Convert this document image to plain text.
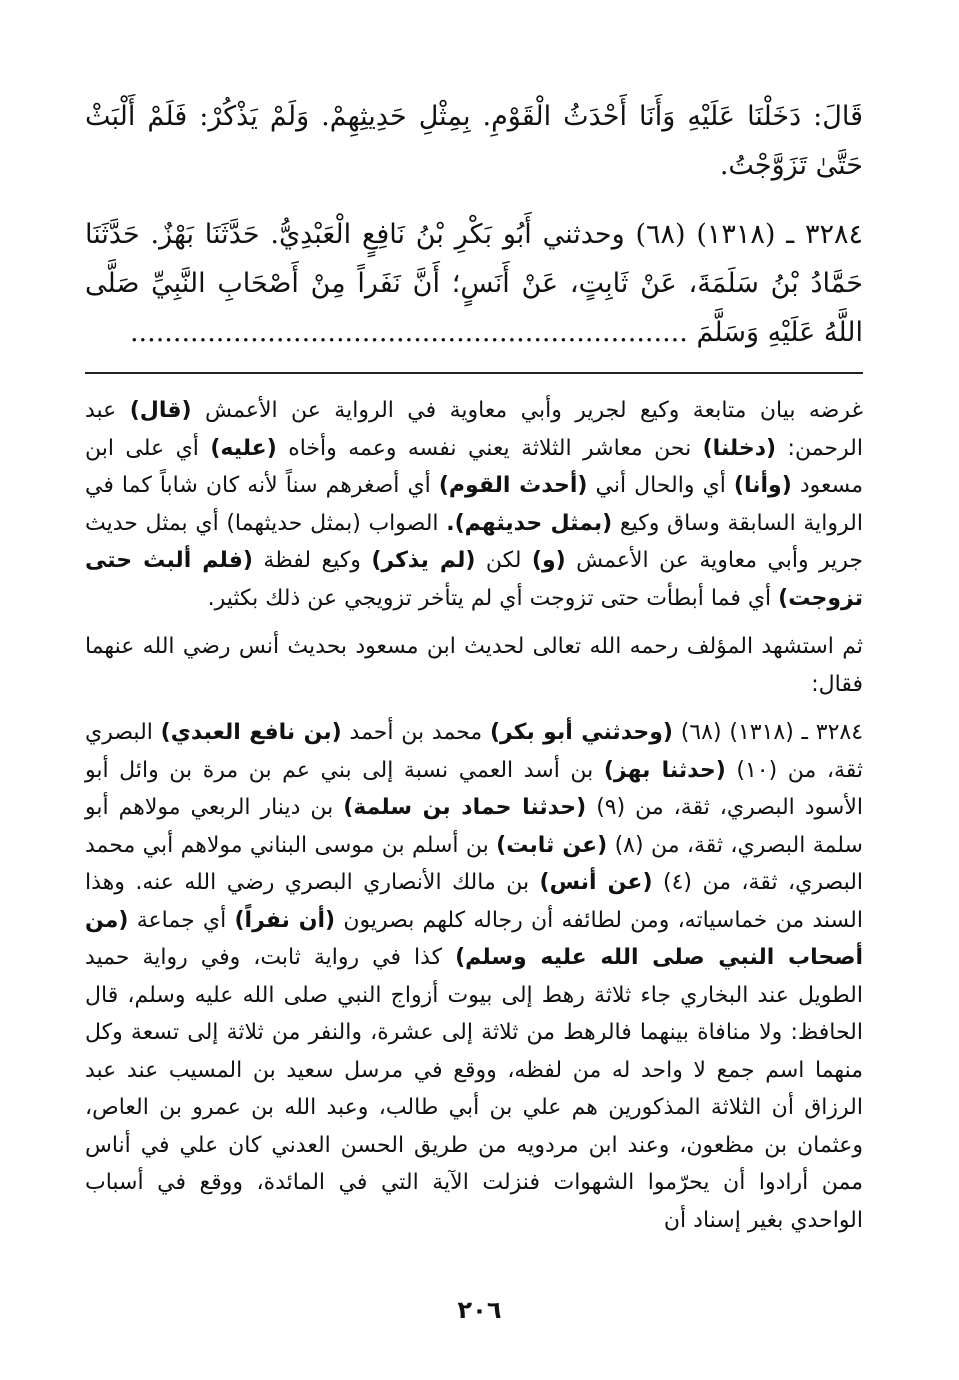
قَالَ: دَخَلْنَا عَلَيْهِ وَأَنَا أَحْدَثُ الْقَوْمِ. بِمِثْلِ حَدِيثِهِمْ. وَلَمْ يَذْكُرْ: فَلَمْ أَلْبَثْ حَتَّىٰ تَزَوَّجْتُ.

٣٢٨٤ ـ (١٣١٨) (٦٨) وحدثني أَبُو بَكْرِ بْنُ نَافِعٍ الْعَبْدِيُّ. حَدَّثَنَا بَهْزٌ. حَدَّثَنَا حَمَّادُ بْنُ سَلَمَةَ، عَنْ ثَابِتٍ، عَنْ أَنَسٍ؛ أَنَّ نَفَراً مِنْ أَصْحَابِ النَّبِيِّ صَلَّى اللَّهُ عَلَيْهِ وَسَلَّمَ .................................................................

غرضه بيان متابعة وكيع لجرير وأبي معاوية في الرواية عن الأعمش (قال) عبد الرحمن: (دخلنا) نحن معاشر الثلاثة يعني نفسه وعمه وأخاه (عليه) أي على ابن مسعود (وأنا) أي والحال أني (أحدث القوم) أي أصغرهم سناً لأنه كان شاباً كما في الرواية السابقة وساق وكيع (بمثل حديثهم). الصواب (بمثل حديثهما) أي بمثل حديث جرير وأبي معاوية عن الأعمش (و) لكن (لم يذكر) وكيع لفظة (فلم ألبث حتى تزوجت) أي فما أبطأت حتى تزوجت أي لم يتأخر تزويجي عن ذلك بكثير.

ثم استشهد المؤلف رحمه الله تعالى لحديث ابن مسعود بحديث أنس رضي الله عنهما فقال:

٣٢٨٤ ـ (١٣١٨) (٦٨) (وحدثني أبو بكر) محمد بن أحمد (بن نافع العبدي) البصري ثقة، من (١٠) (حدثنا بهز) بن أسد العمي نسبة إلى بني عم بن مرة بن وائل أبو الأسود البصري، ثقة، من (٩) (حدثنا حماد بن سلمة) بن دينار الربعي مولاهم أبو سلمة البصري، ثقة، من (٨) (عن ثابت) بن أسلم بن موسى البناني مولاهم أبي محمد البصري، ثقة، من (٤) (عن أنس) بن مالك الأنصاري البصري رضي الله عنه. وهذا السند من خماسياته، ومن لطائفه أن رجاله كلهم بصريون (أن نفراً) أي جماعة (من أصحاب النبي صلى الله عليه وسلم) كذا في رواية ثابت، وفي رواية حميد الطويل عند البخاري جاء ثلاثة رهط إلى بيوت أزواج النبي صلى الله عليه وسلم، قال الحافظ: ولا منافاة بينهما فالرهط من ثلاثة إلى عشرة، والنفر من ثلاثة إلى تسعة وكل منهما اسم جمع لا واحد له من لفظه، ووقع في مرسل سعيد بن المسيب عند عبد الرزاق أن الثلاثة المذكورين هم علي بن أبي طالب، وعبد الله بن عمرو بن العاص، وعثمان بن مظعون، وعند ابن مردويه من طريق الحسن العدني كان علي في أناس ممن أرادوا أن يحرّموا الشهوات فنزلت الآية التي في المائدة، ووقع في أسباب الواحدي بغير إسناد أن

٢٠٦
